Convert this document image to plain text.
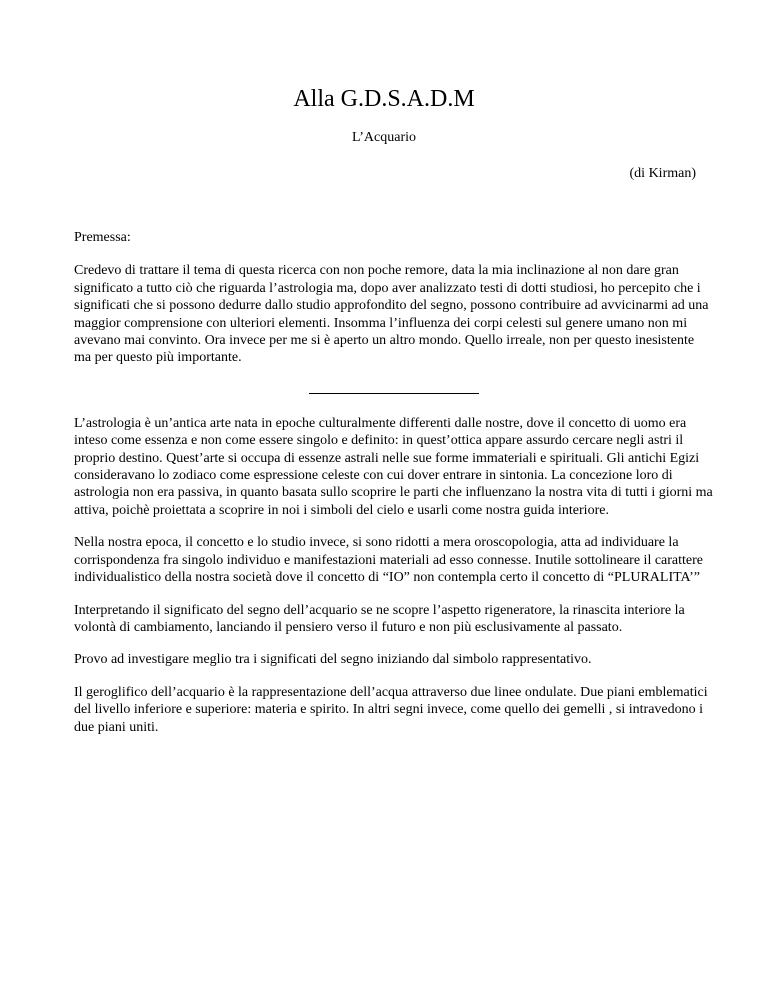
Alla G.D.S.A.D.M
L’Acquario
(di Kirman)

Premessa:

Credevo di trattare il tema di questa ricerca con non poche remore, data la mia inclinazione al non dare gran significato a tutto ciò che riguarda l’astrologia ma, dopo aver analizzato testi di dotti studiosi, ho percepito che i significati che si possono dedurre dallo studio approfondito del segno, possono contribuire ad avvicinarmi ad una maggior comprensione con ulteriori elementi. Insomma l’influenza dei corpi celesti sul genere umano non mi avevano mai convinto. Ora invece per me si è aperto un altro mondo. Quello irreale, non per questo inesistente ma per questo più importante.

L’astrologia è un’antica arte nata in epoche culturalmente differenti dalle nostre, dove il concetto di uomo era inteso come essenza e non come essere singolo e definito: in quest’ottica appare assurdo cercare negli astri il proprio destino. Quest’arte si occupa di essenze astrali nelle sue forme immateriali e spirituali. Gli antichi Egizi consideravano lo zodiaco come espressione celeste con cui dover entrare in sintonia. La concezione loro di astrologia non era passiva, in quanto basata sullo scoprire le parti che influenzano la nostra vita di tutti i giorni ma attiva, poichè proiettata a scoprire in noi i simboli del cielo e usarli come nostra guida interiore.

Nella nostra epoca, il concetto e lo studio invece, si sono ridotti a mera oroscopologia, atta ad individuare la corrispondenza fra singolo individuo e manifestazioni materiali ad esso connesse. Inutile sottolineare il carattere individualistico della nostra società dove il concetto di “IO” non contempla certo il concetto di “PLURALITA’”

Interpretando il significato del segno dell’acquario se ne scopre l’aspetto rigeneratore, la rinascita interiore la volontà di cambiamento, lanciando il pensiero verso il futuro e non più esclusivamente al passato.

Provo ad investigare meglio tra i significati del segno iniziando dal simbolo rappresentativo.

Il geroglifico dell’acquario è la rappresentazione dell’acqua attraverso due linee ondulate. Due piani emblematici del livello inferiore e superiore: materia e spirito. In altri segni invece, come quello dei gemelli , si intravedono i due piani uniti.
